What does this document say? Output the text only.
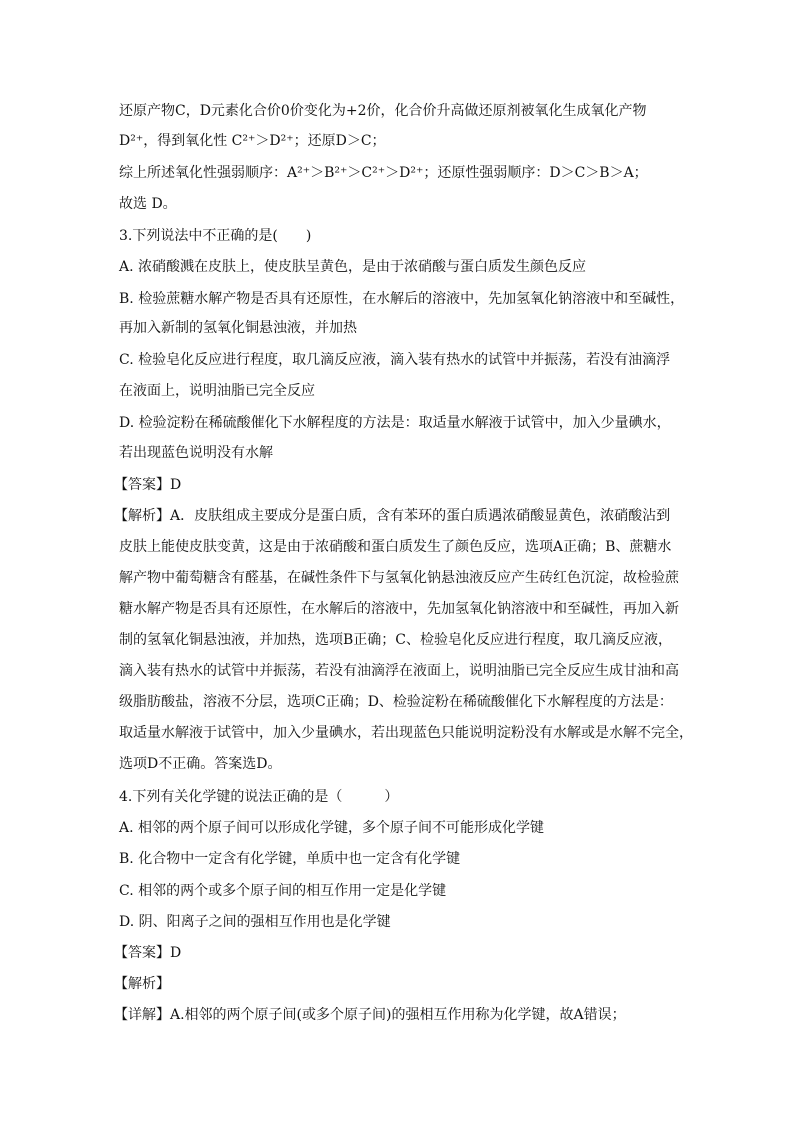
还原产物C，D元素化合价0价变化为+2价，化合价升高做还原剂被氧化生成氧化产物
D²⁺，得到氧化性 C²⁺＞D²⁺；还原D＞C；
综上所述氧化性强弱顺序：A²⁺＞B²⁺＞C²⁺＞D²⁺；还原性强弱顺序：D＞C＞B＞A；
故选 D。
3.下列说法中不正确的是(　　)
A. 浓硝酸溅在皮肤上，使皮肤呈黄色，是由于浓硝酸与蛋白质发生颜色反应
B. 检验蔗糖水解产物是否具有还原性，在水解后的溶液中，先加氢氧化钠溶液中和至碱性，
再加入新制的氢氧化铜悬浊液，并加热
C. 检验皂化反应进行程度，取几滴反应液，滴入装有热水的试管中并振荡，若没有油滴浮
在液面上，说明油脂已完全反应
D. 检验淀粉在稀硫酸催化下水解程度的方法是：取适量水解液于试管中，加入少量碘水，
若出现蓝色说明没有水解
【答案】D
【解析】A．皮肤组成主要成分是蛋白质，含有苯环的蛋白质遇浓硝酸显黄色，浓硝酸沾到
皮肤上能使皮肤变黄，这是由于浓硝酸和蛋白质发生了颜色反应，选项A正确；B、蔗糖水
解产物中葡萄糖含有醛基，在碱性条件下与氢氧化钠悬浊液反应产生砖红色沉淀，故检验蔗
糖水解产物是否具有还原性，在水解后的溶液中，先加氢氧化钠溶液中和至碱性，再加入新
制的氢氧化铜悬浊液，并加热，选项B正确；C、检验皂化反应进行程度，取几滴反应液，
滴入装有热水的试管中并振荡，若没有油滴浮在液面上，说明油脂已完全反应生成甘油和高
级脂肪酸盐，溶液不分层，选项C正确；D、检验淀粉在稀硫酸催化下水解程度的方法是：
取适量水解液于试管中，加入少量碘水，若出现蓝色只能说明淀粉没有水解或是水解不完全，
选项D不正确。答案选D。
4.下列有关化学键的说法正确的是（　　　）
A. 相邻的两个原子间可以形成化学键，多个原子间不可能形成化学键
B. 化合物中一定含有化学键，单质中也一定含有化学键
C. 相邻的两个或多个原子间的相互作用一定是化学键
D. 阴、阳离子之间的强相互作用也是化学键
【答案】D
【解析】
【详解】A.相邻的两个原子间(或多个原子间)的强相互作用称为化学键，故A错误；
